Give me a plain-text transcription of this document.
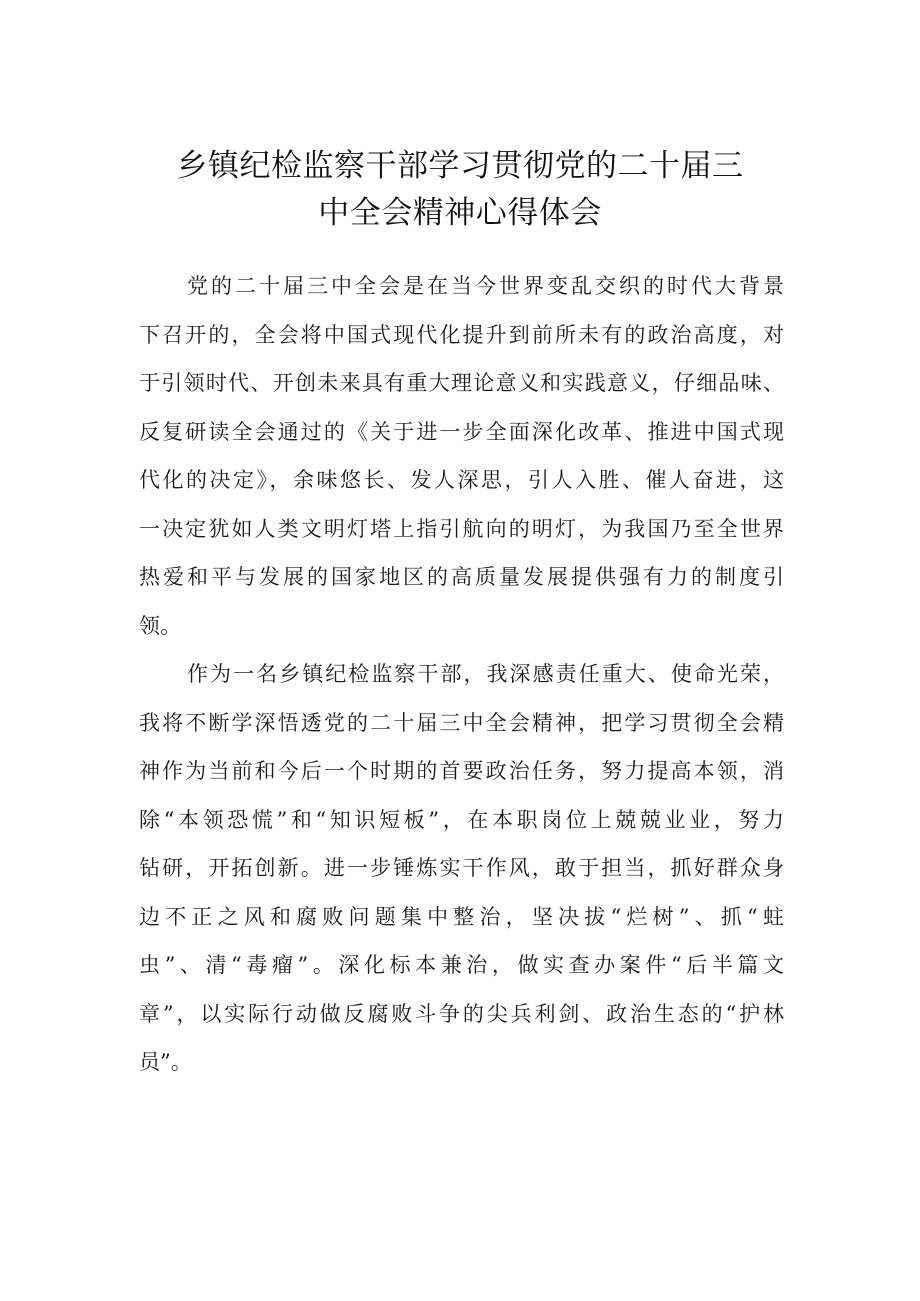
乡镇纪检监察干部学习贯彻党的二十届三
中全会精神心得体会
党的二十届三中全会是在当今世界变乱交织的时代大背景
下召开的，全会将中国式现代化提升到前所未有的政治高度，对
于引领时代、开创未来具有重大理论意义和实践意义，仔细品味、
反复研读全会通过的《关于进一步全面深化改革、推进中国式现
代化的决定》，余味悠长、发人深思，引人入胜、催人奋进，这
一决定犹如人类文明灯塔上指引航向的明灯，为我国乃至全世界
热爱和平与发展的国家地区的高质量发展提供强有力的制度引
领。
作为一名乡镇纪检监察干部，我深感责任重大、使命光荣，
我将不断学深悟透党的二十届三中全会精神，把学习贯彻全会精
神作为当前和今后一个时期的首要政治任务，努力提高本领，消
除“本领恐慌”和“知识短板”，在本职岗位上兢兢业业，努力
钻研，开拓创新。进一步锤炼实干作风，敢于担当，抓好群众身
边不正之风和腐败问题集中整治，坚决拔“烂树”、抓“蛀
虫”、清“毒瘤”。深化标本兼治，做实查办案件“后半篇文
章”，以实际行动做反腐败斗争的尖兵利剑、政治生态的“护林
员”。
